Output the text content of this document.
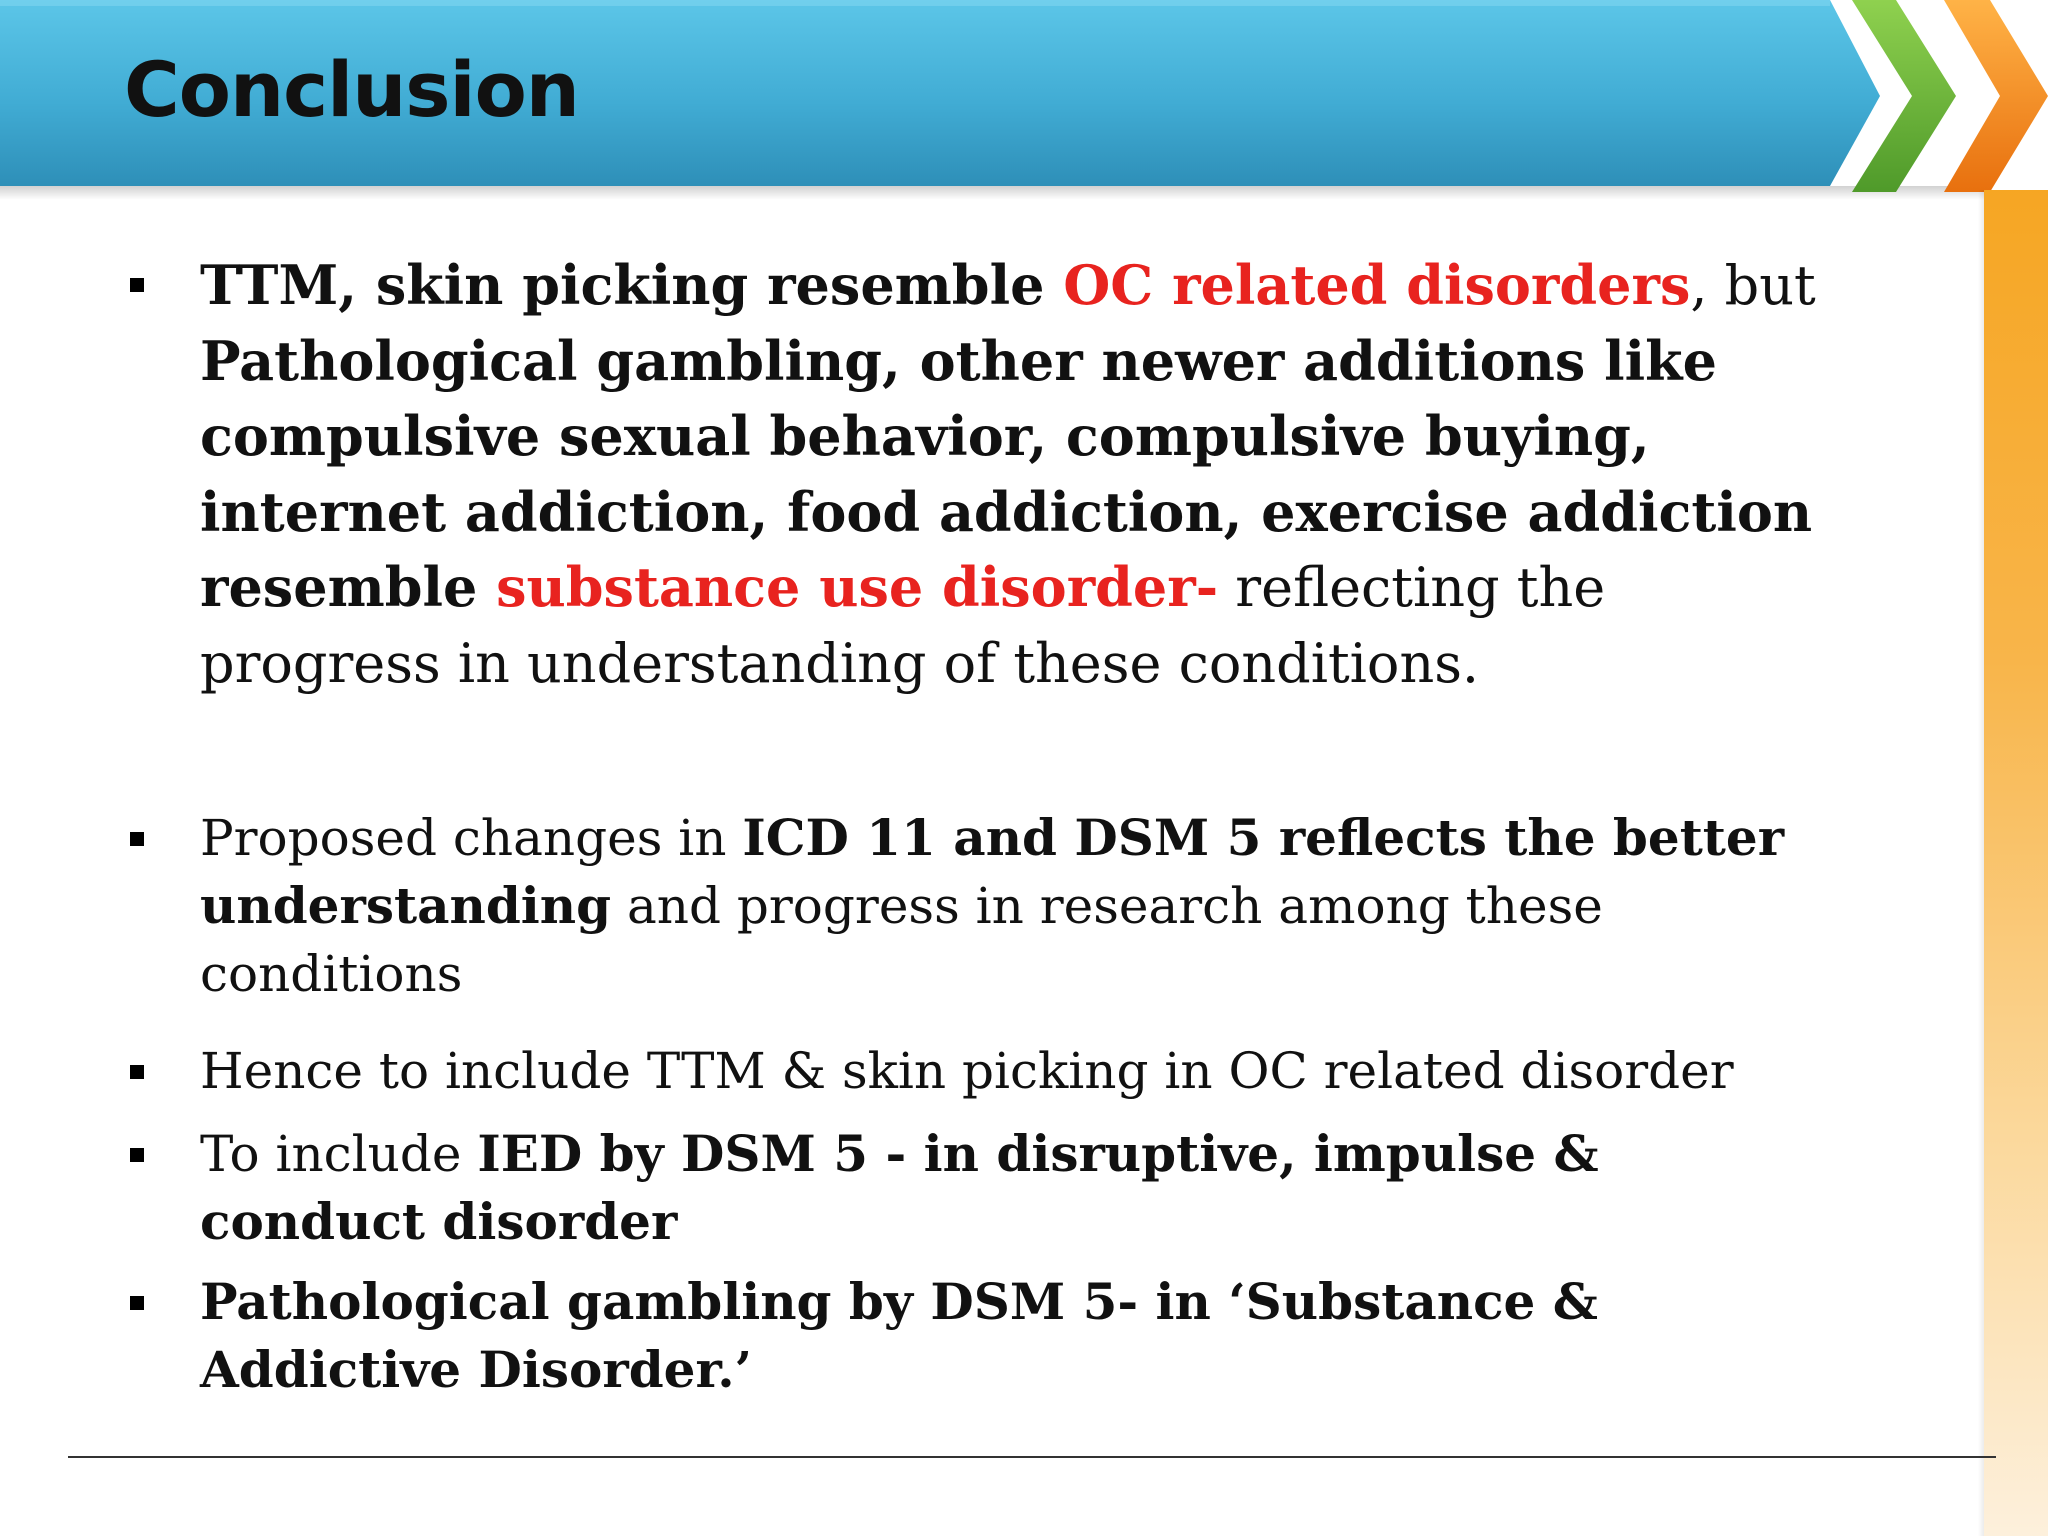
Conclusion

TTM, skin picking resemble OC related disorders, but Pathological gambling, other newer additions like compulsive sexual behavior, compulsive buying, internet addiction, food addiction, exercise addiction resemble substance use disorder- reflecting the progress in understanding of these conditions.

Proposed changes in ICD 11 and DSM 5 reflects the better understanding and progress in research among these conditions

Hence to include TTM & skin picking in OC related disorder

To include IED by DSM 5 - in disruptive, impulse & conduct disorder

Pathological gambling by DSM 5- in ‘Substance & Addictive Disorder.’
